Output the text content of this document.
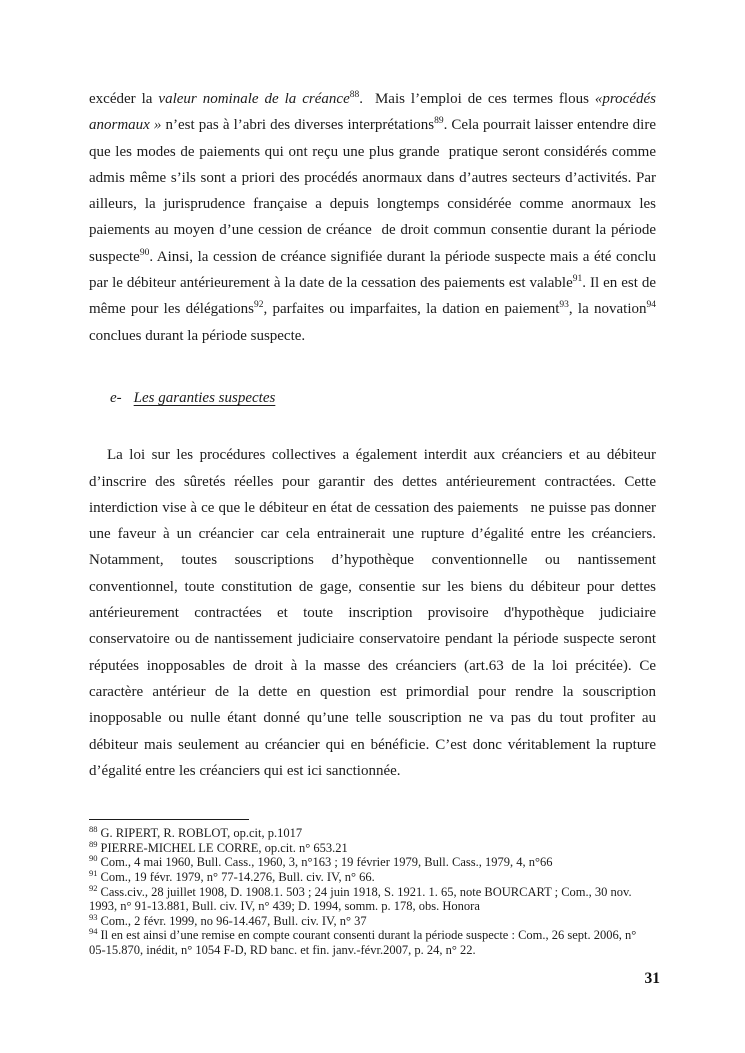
excéder la valeur nominale de la créance$^{88}$.  Mais l’emploi de ces termes flous «procédés anormaux » n’est pas à l’abri des diverses interprétations$^{89}$. Cela pourrait laisser entendre dire que les modes de paiements qui ont reçu une plus grande  pratique seront considérés comme admis même s’ils sont a priori des procédés anormaux dans d’autres secteurs d’activités. Par ailleurs, la jurisprudence française a depuis longtemps considérée comme anormaux les paiements au moyen d’une cession de créance  de droit commun consentie durant la période suspecte$^{90}$. Ainsi, la cession de créance signifiée durant la période suspecte mais a été conclu par le débiteur antérieurement à la date de la cessation des paiements est valable$^{91}$. Il en est de même pour les délégations$^{92}$, parfaites ou imparfaites, la dation en paiement$^{93}$, la novation$^{94}$ conclues durant la période suspecte.

e- Les garanties suspectes

La loi sur les procédures collectives a également interdit aux créanciers et au débiteur d’inscrire des sûretés réelles pour garantir des dettes antérieurement contractées. Cette interdiction vise à ce que le débiteur en état de cessation des paiements   ne puisse pas donner une faveur à un créancier car cela entrainerait une rupture d’égalité entre les créanciers. Notamment, toutes souscriptions d’hypothèque conventionnelle ou nantissement conventionnel, toute constitution de gage, consentie sur les biens du débiteur pour dettes antérieurement contractées et toute inscription provisoire d'hypothèque judiciaire conservatoire ou de nantissement judiciaire conservatoire pendant la période suspecte seront réputées inopposables de droit à la masse des créanciers (art.63 de la loi précitée). Ce caractère antérieur de la dette en question est primordial pour rendre la souscription inopposable ou nulle étant donné qu’une telle souscription ne va pas du tout profiter au débiteur mais seulement au créancier qui en bénéficie. C’est donc véritablement la rupture d’égalité entre les créanciers qui est ici sanctionnée.

$^{88}$ G. RIPERT, R. ROBLOT, op.cit, p.1017
$^{89}$ PIERRE-MICHEL LE CORRE, op.cit. n° 653.21
$^{90}$ Com., 4 mai 1960, Bull. Cass., 1960, 3, n°163 ; 19 février 1979, Bull. Cass., 1979, 4, n°66
$^{91}$ Com., 19 févr. 1979, n° 77-14.276, Bull. civ. IV, n° 66.
$^{92}$ Cass.civ., 28 juillet 1908, D. 1908.1. 503 ; 24 juin 1918, S. 1921. 1. 65, note BOURCART ; Com., 30 nov. 1993, n° 91-13.881, Bull. civ. IV, n° 439; D. 1994, somm. p. 178, obs. Honora
$^{93}$ Com., 2 févr. 1999, no 96-14.467, Bull. civ. IV, n° 37
$^{94}$ Il en est ainsi d’une remise en compte courant consenti durant la période suspecte : Com., 26 sept. 2006, n° 05-15.870, inédit, n° 1054 F-D, RD banc. et fin. janv.-févr.2007, p. 24, n° 22.
31
